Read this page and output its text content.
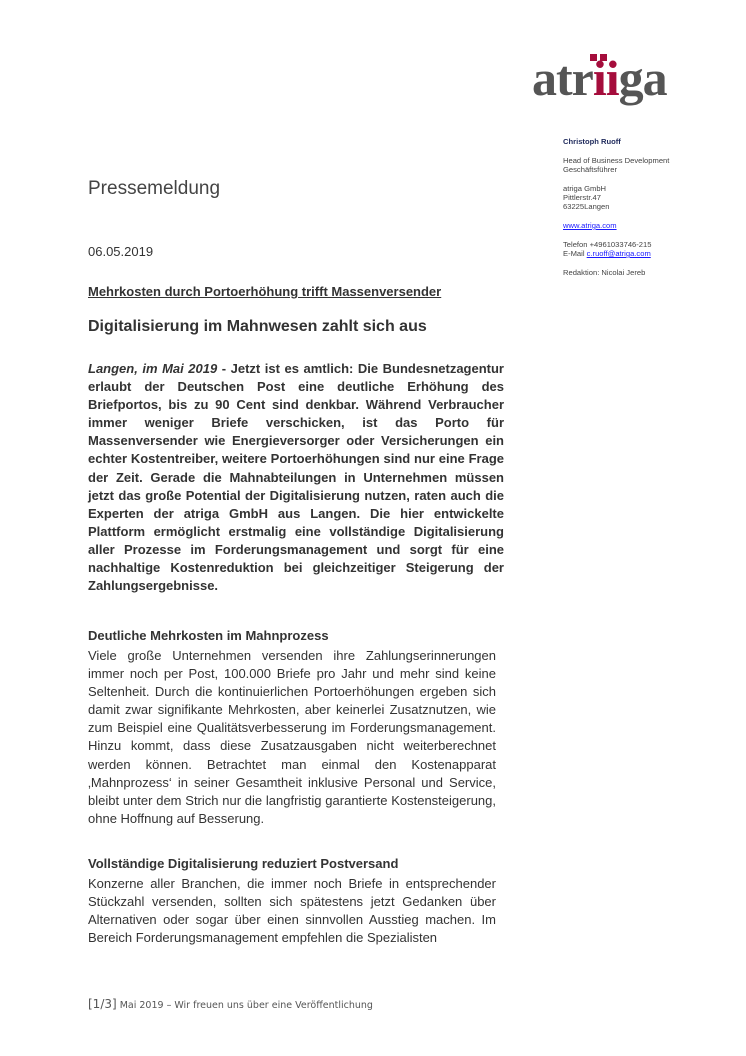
atriiga
Christoph Ruoff
Head of Business Development
Geschäftsführer
atriga GmbH
Pittlerstr.47
63225Langen
www.atriga.com
Telefon +4961033746-215
E-Mail c.ruoff@atriga.com
Redaktion: Nicolai Jereb
Pressemeldung
06.05.2019
Mehrkosten durch Portoerhöhung trifft Massenversender
Digitalisierung im Mahnwesen zahlt sich aus

Langen, im Mai 2019 - Jetzt ist es amtlich: Die Bundesnetzagentur erlaubt der Deutschen Post eine deutliche Erhöhung des Briefportos, bis zu 90 Cent sind denkbar. Während Verbraucher immer weniger Briefe verschicken, ist das Porto für Massenversender wie Energieversorger oder Versicherungen ein echter Kostentreiber, weitere Portoerhöhungen sind nur eine Frage der Zeit. Gerade die Mahnabteilungen in Unternehmen müssen jetzt das große Potential der Digitalisierung nutzen, raten auch die Experten der atriga GmbH aus Langen. Die hier entwickelte Plattform ermöglicht erstmalig eine vollständige Digitalisierung aller Prozesse im Forderungsmanagement und sorgt für eine nachhaltige Kostenreduktion bei gleichzeitiger Steigerung der Zahlungsergebnisse.

Deutliche Mehrkosten im Mahnprozess

Viele große Unternehmen versenden ihre Zahlungserinnerungen immer noch per Post, 100.000 Briefe pro Jahr und mehr sind keine Seltenheit. Durch die kontinuierlichen Portoerhöhungen ergeben sich damit zwar signifikante Mehrkosten, aber keinerlei Zusatznutzen, wie zum Beispiel eine Qualitätsverbesserung im Forderungsmanagement. Hinzu kommt, dass diese Zusatzausgaben nicht weiterberechnet werden können. Betrachtet man einmal den Kostenapparat ‚Mahnprozess‘ in seiner Gesamtheit inklusive Personal und Service, bleibt unter dem Strich nur die langfristig garantierte Kostensteigerung, ohne Hoffnung auf Besserung.

Vollständige Digitalisierung reduziert Postversand

Konzerne aller Branchen, die immer noch Briefe in entsprechender Stückzahl versenden, sollten sich spätestens jetzt Gedanken über Alternativen oder sogar über einen sinnvollen Ausstieg machen. Im Bereich Forderungsmanagement empfehlen die Spezialisten

[1/3] Mai 2019 – Wir freuen uns über eine Veröffentlichung
